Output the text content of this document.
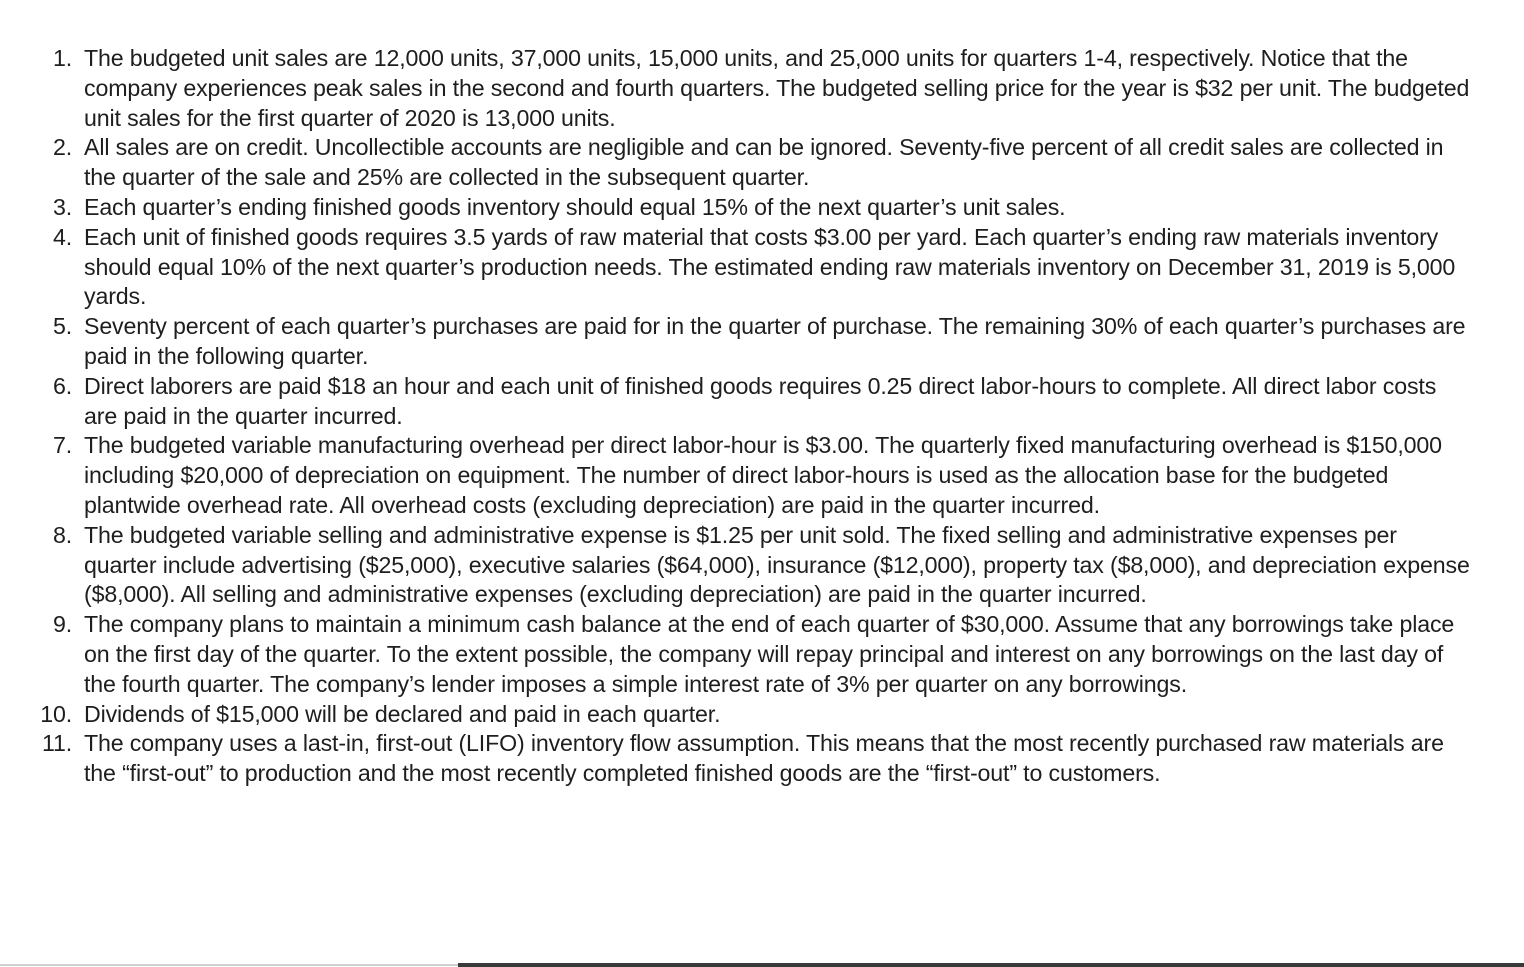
1. The budgeted unit sales are 12,000 units, 37,000 units, 15,000 units, and 25,000 units for quarters 1-4, respectively. Notice that the company experiences peak sales in the second and fourth quarters. The budgeted selling price for the year is $32 per unit. The budgeted unit sales for the first quarter of 2020 is 13,000 units.
2. All sales are on credit. Uncollectible accounts are negligible and can be ignored. Seventy-five percent of all credit sales are collected in the quarter of the sale and 25% are collected in the subsequent quarter.
3. Each quarter’s ending finished goods inventory should equal 15% of the next quarter’s unit sales.
4. Each unit of finished goods requires 3.5 yards of raw material that costs $3.00 per yard. Each quarter’s ending raw materials inventory should equal 10% of the next quarter’s production needs. The estimated ending raw materials inventory on December 31, 2019 is 5,000 yards.
5. Seventy percent of each quarter’s purchases are paid for in the quarter of purchase. The remaining 30% of each quarter’s purchases are paid in the following quarter.
6. Direct laborers are paid $18 an hour and each unit of finished goods requires 0.25 direct labor-hours to complete. All direct labor costs are paid in the quarter incurred.
7. The budgeted variable manufacturing overhead per direct labor-hour is $3.00. The quarterly fixed manufacturing overhead is $150,000 including $20,000 of depreciation on equipment. The number of direct labor-hours is used as the allocation base for the budgeted plantwide overhead rate. All overhead costs (excluding depreciation) are paid in the quarter incurred.
8. The budgeted variable selling and administrative expense is $1.25 per unit sold. The fixed selling and administrative expenses per quarter include advertising ($25,000), executive salaries ($64,000), insurance ($12,000), property tax ($8,000), and depreciation expense ($8,000). All selling and administrative expenses (excluding depreciation) are paid in the quarter incurred.
9. The company plans to maintain a minimum cash balance at the end of each quarter of $30,000. Assume that any borrowings take place on the first day of the quarter. To the extent possible, the company will repay principal and interest on any borrowings on the last day of the fourth quarter. The company’s lender imposes a simple interest rate of 3% per quarter on any borrowings.
10. Dividends of $15,000 will be declared and paid in each quarter.
11. The company uses a last-in, first-out (LIFO) inventory flow assumption. This means that the most recently purchased raw materials are the “first-out” to production and the most recently completed finished goods are the “first-out” to customers.
